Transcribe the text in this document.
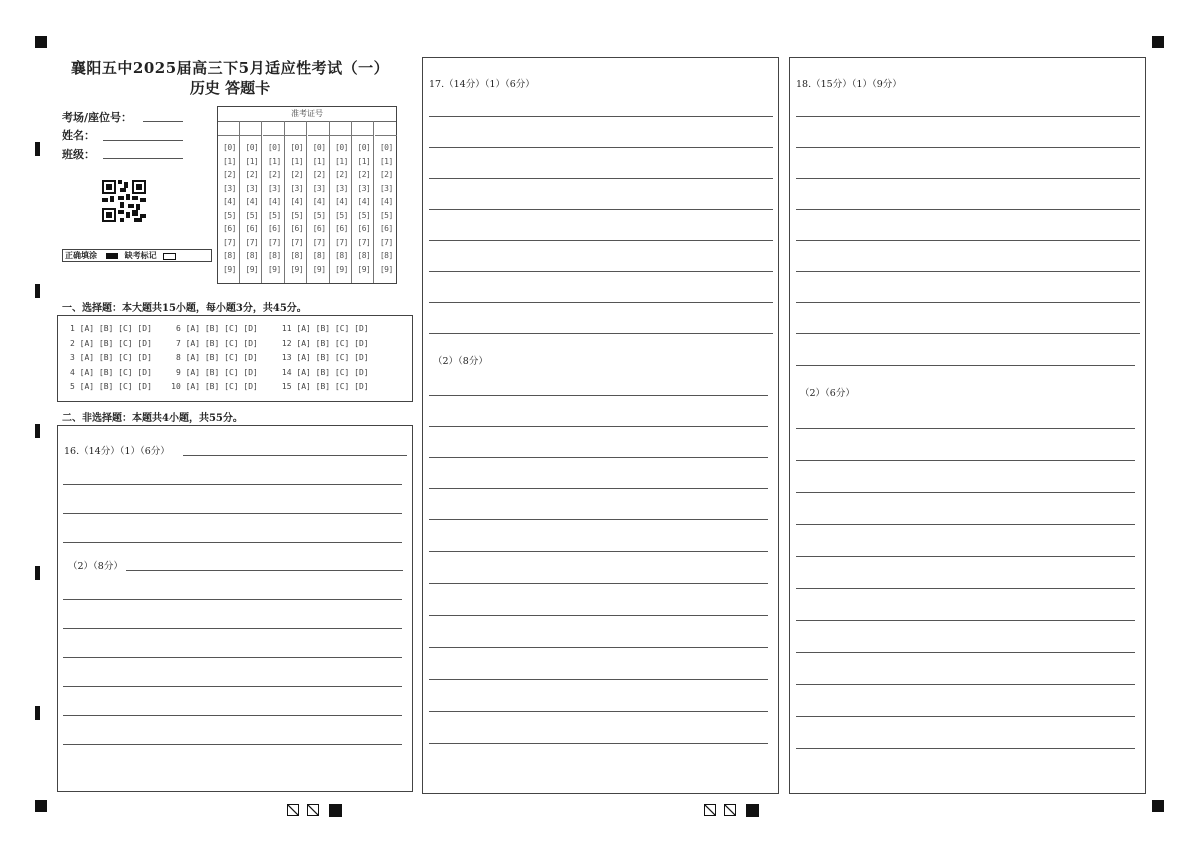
襄阳五中2025届高三下5月适应性考试（一）
历史 答题卡
考场/座位号：
姓名：
班级：
正确填涂	缺考标记
准考证号
[0]
[1]
[2]
[3]
[4]
[5]
[6]
[7]
[8]
[9]
[0]
[1]
[2]
[3]
[4]
[5]
[6]
[7]
[8]
[9]
[0]
[1]
[2]
[3]
[4]
[5]
[6]
[7]
[8]
[9]
[0]
[1]
[2]
[3]
[4]
[5]
[6]
[7]
[8]
[9]
[0]
[1]
[2]
[3]
[4]
[5]
[6]
[7]
[8]
[9]
[0]
[1]
[2]
[3]
[4]
[5]
[6]
[7]
[8]
[9]
[0]
[1]
[2]
[3]
[4]
[5]
[6]
[7]
[8]
[9]
[0]
[1]
[2]
[3]
[4]
[5]
[6]
[7]
[8]
[9]
一、选择题：本大题共15小题，每小题3分，共45分。
1 [A] [B] [C] [D]     6 [A] [B] [C] [D]     11 [A] [B] [C] [D]
2 [A] [B] [C] [D]     7 [A] [B] [C] [D]     12 [A] [B] [C] [D]
3 [A] [B] [C] [D]     8 [A] [B] [C] [D]     13 [A] [B] [C] [D]
4 [A] [B] [C] [D]     9 [A] [B] [C] [D]     14 [A] [B] [C] [D]
5 [A] [B] [C] [D]    10 [A] [B] [C] [D]     15 [A] [B] [C] [D]
二、非选择题：本题共4小题，共55分。
16.（14分）（1）（6分）
（2）（8分）
17.（14分）（1）（6分）
（2）（8分）
18.（15分）（1）（9分）
（2）（6分）
